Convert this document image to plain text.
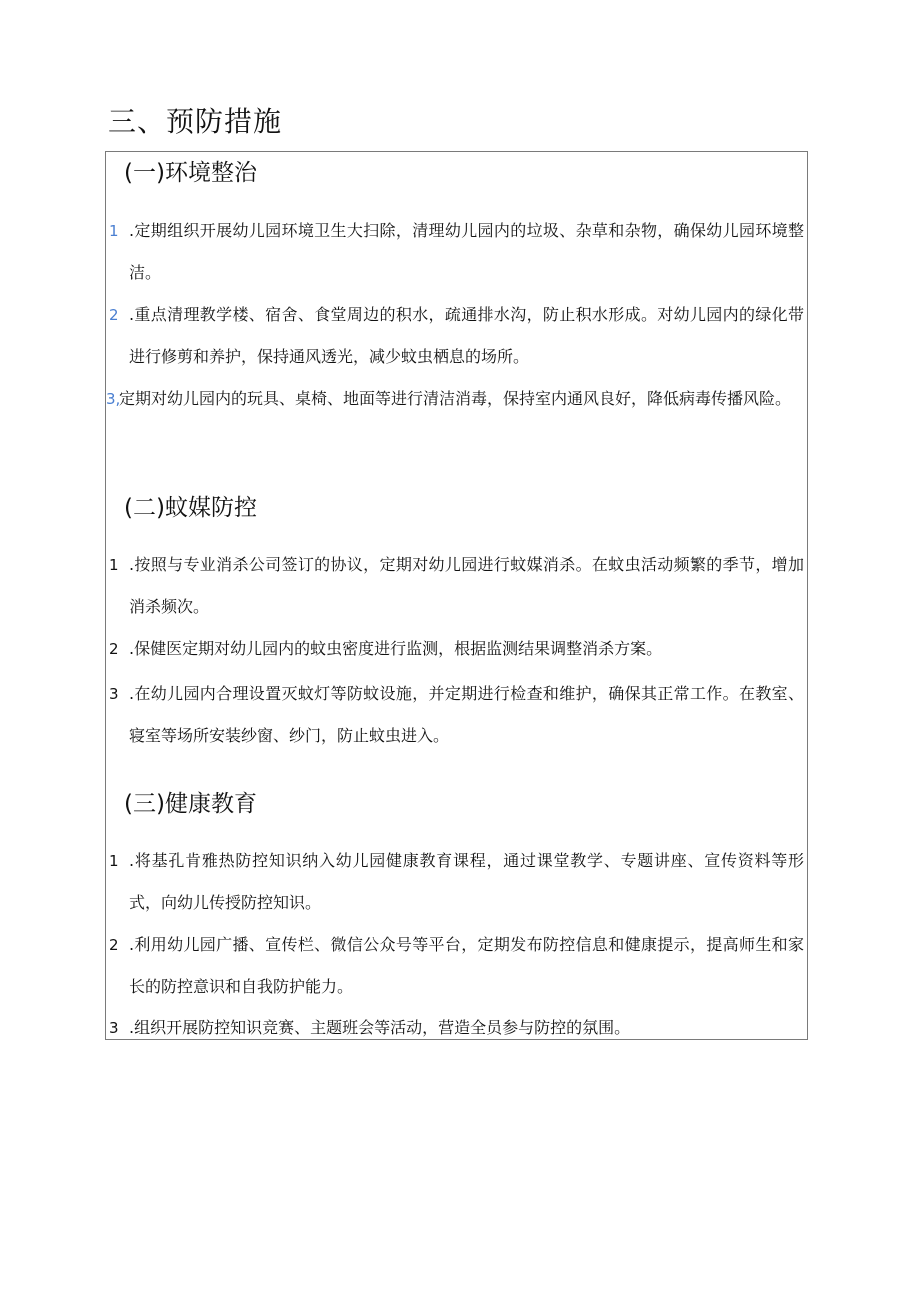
三、预防措施
(一)环境整治
1 .定期组织开展幼儿园环境卫生大扫除，清理幼儿园内的垃圾、杂草和杂物，确保幼儿园环境整洁。
2 .重点清理教学楼、宿舍、食堂周边的积水，疏通排水沟，防止积水形成。对幼儿园内的绿化带进行修剪和养护，保持通风透光，减少蚊虫栖息的场所。
3,
定期对幼儿园内的玩具、桌椅、地面等进行清洁消毒，保持室内通风良好，降低病毒传播风险。
(二)蚊媒防控
1 .按照与专业消杀公司签订的协议，定期对幼儿园进行蚊媒消杀。在蚊虫活动频繁的季节，增加消杀频次。
2 .保健医定期对幼儿园内的蚊虫密度进行监测，根据监测结果调整消杀方案。
3 .在幼儿园内合理设置灭蚊灯等防蚊设施，并定期进行检查和维护，确保其正常工作。在教室、寝室等场所安装纱窗、纱门，防止蚊虫进入。
(三)健康教育
1 .将基孔肯雅热防控知识纳入幼儿园健康教育课程，通过课堂教学、专题讲座、宣传资料等形式，向幼儿传授防控知识。
2 .利用幼儿园广播、宣传栏、微信公众号等平台，定期发布防控信息和健康提示，提高师生和家长的防控意识和自我防护能力。
3 .组织开展防控知识竞赛、主题班会等活动，营造全员参与防控的氛围。
